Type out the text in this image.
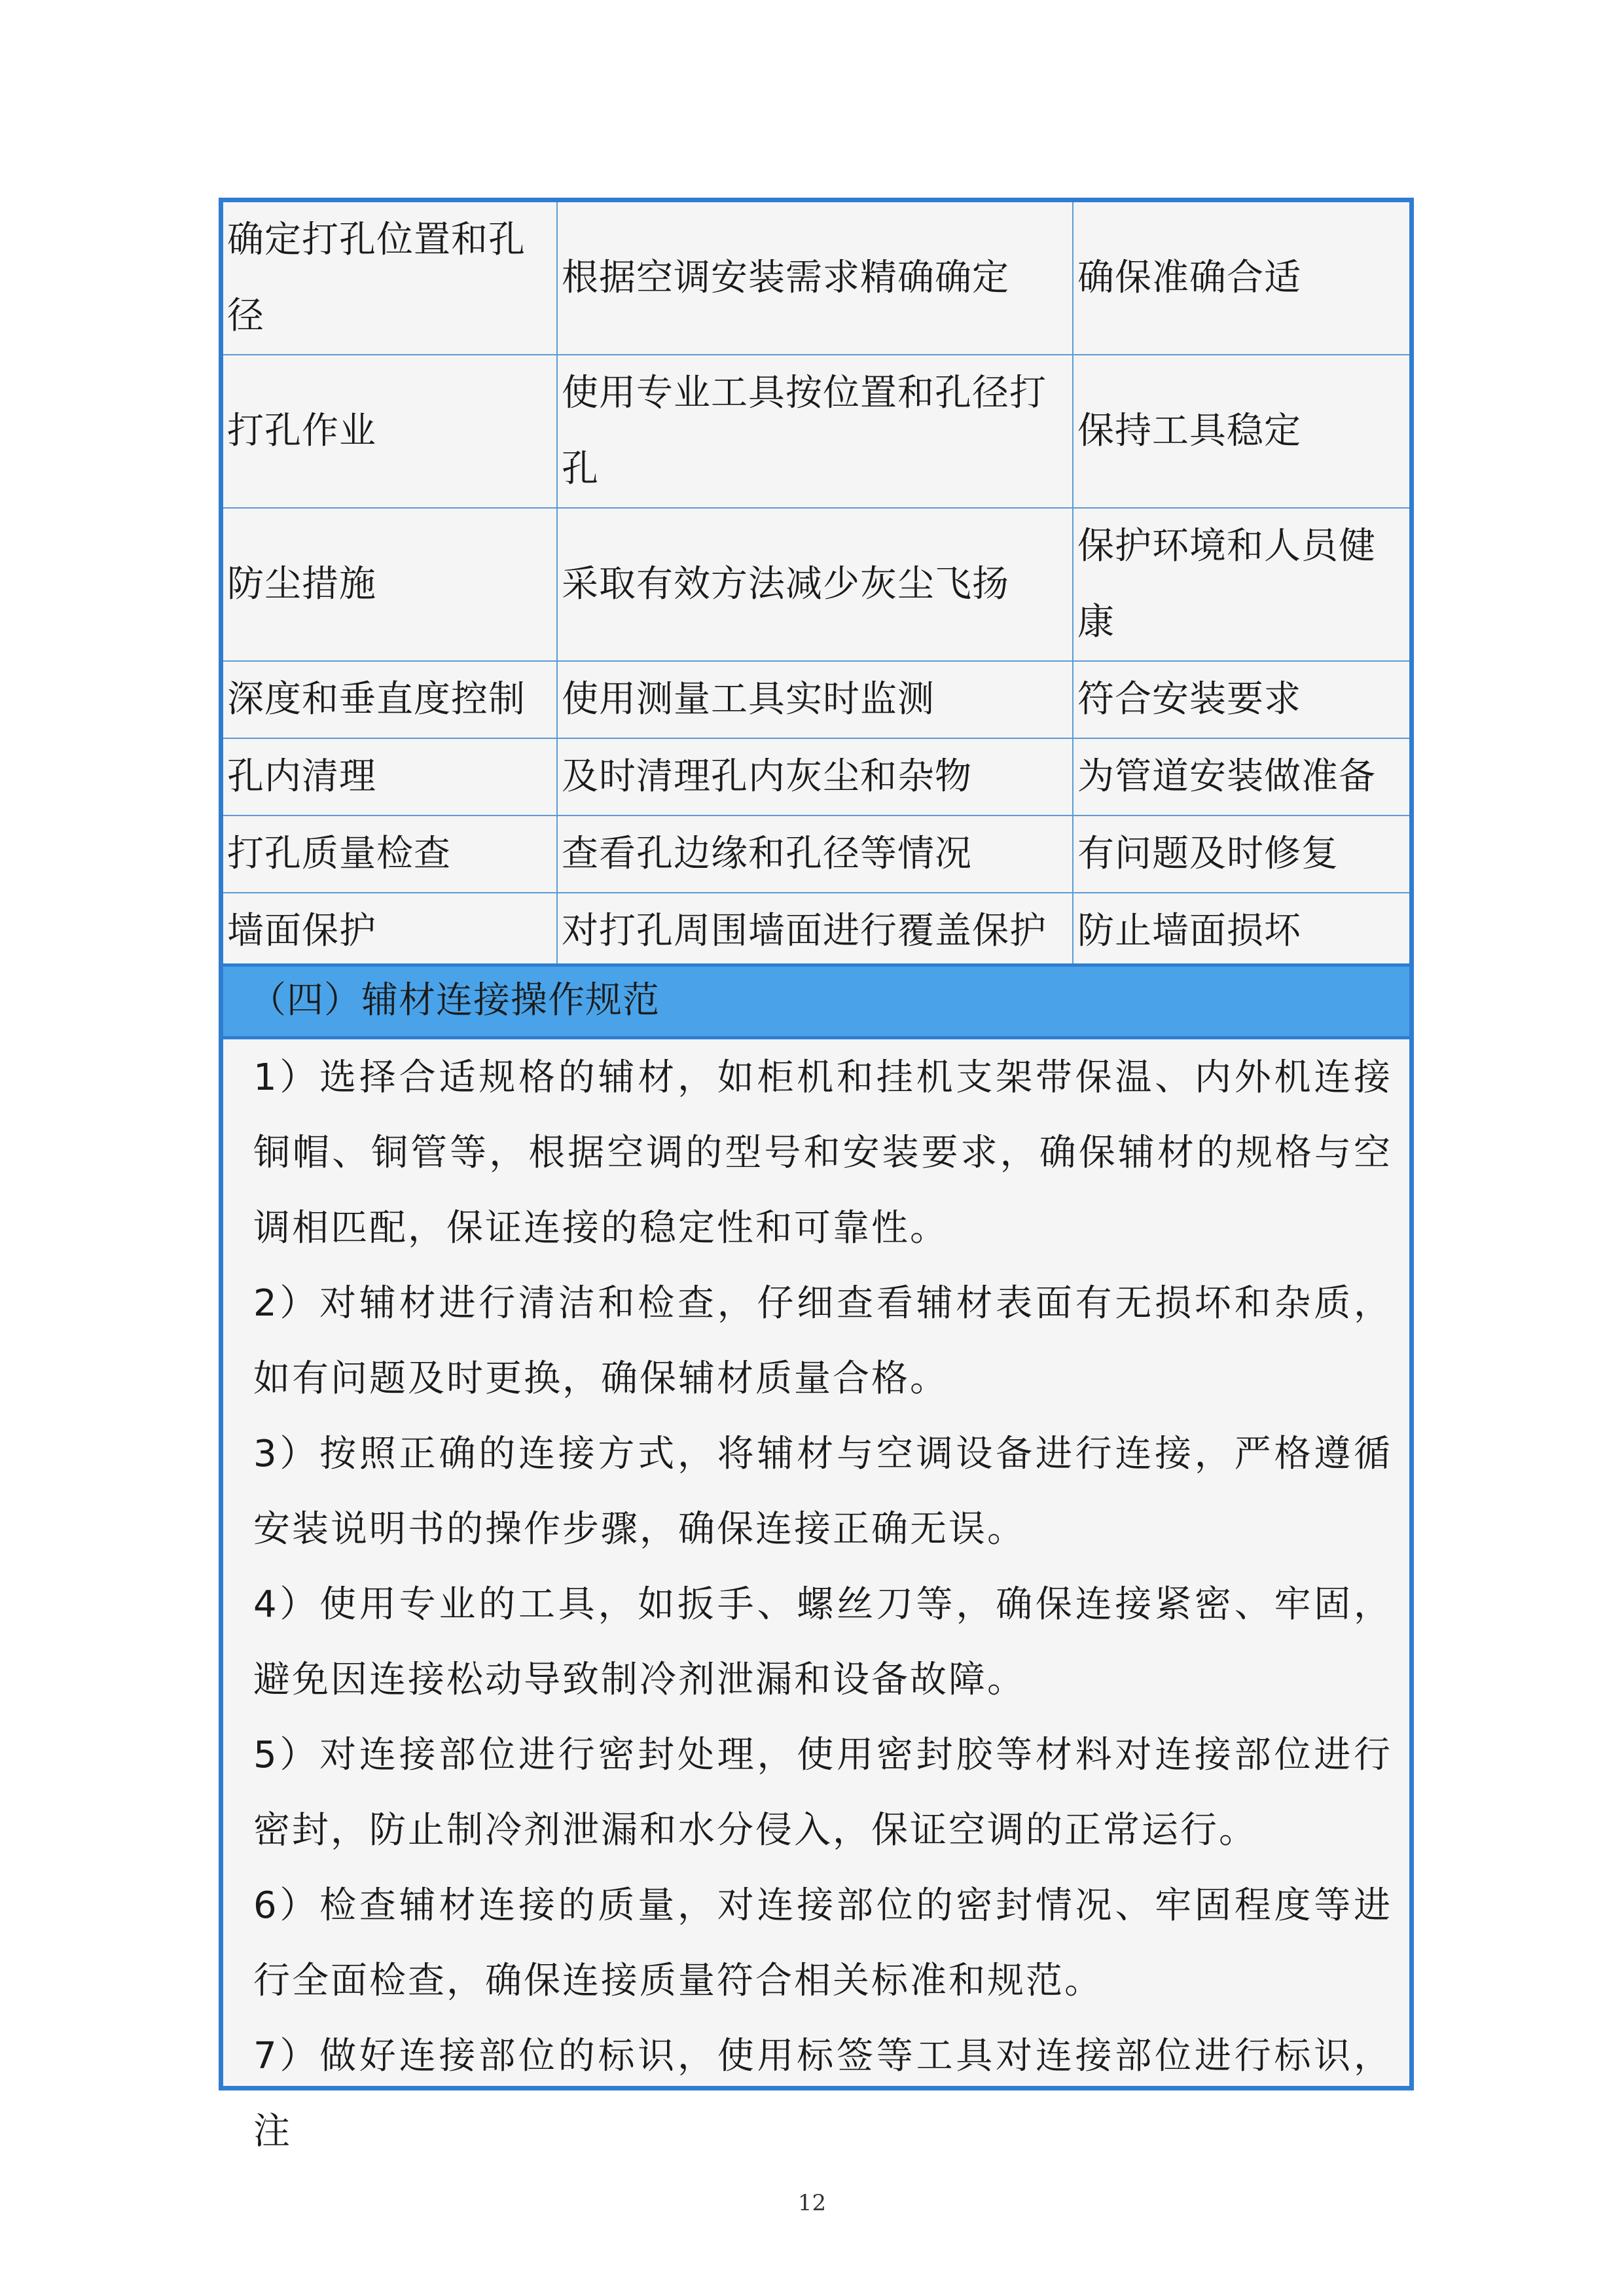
确定打孔位置和孔径	根据空调安装需求精确确定	确保准确合适
打孔作业	使用专业工具按位置和孔径打孔	保持工具稳定
防尘措施	采取有效方法减少灰尘飞扬	保护环境和人员健康
深度和垂直度控制	使用测量工具实时监测	符合安装要求
孔内清理	及时清理孔内灰尘和杂物	为管道安装做准备
打孔质量检查	查看孔边缘和孔径等情况	有问题及时修复
墙面保护	对打孔周围墙面进行覆盖保护	防止墙面损坏
（四）辅材连接操作规范

1）选择合适规格的辅材，如柜机和挂机支架带保温、内外机连接铜帽、铜管等，根据空调的型号和安装要求，确保辅材的规格与空调相匹配，保证连接的稳定性和可靠性。

2）对辅材进行清洁和检查，仔细查看辅材表面有无损坏和杂质，如有问题及时更换，确保辅材质量合格。

3）按照正确的连接方式，将辅材与空调设备进行连接，严格遵循安装说明书的操作步骤，确保连接正确无误。

4）使用专业的工具，如扳手、螺丝刀等，确保连接紧密、牢固，避免因连接松动导致制冷剂泄漏和设备故障。

5）对连接部位进行密封处理，使用密封胶等材料对连接部位进行密封，防止制冷剂泄漏和水分侵入，保证空调的正常运行。

6）检查辅材连接的质量，对连接部位的密封情况、牢固程度等进行全面检查，确保连接质量符合相关标准和规范。

7）做好连接部位的标识，使用标签等工具对连接部位进行标识，注

12
